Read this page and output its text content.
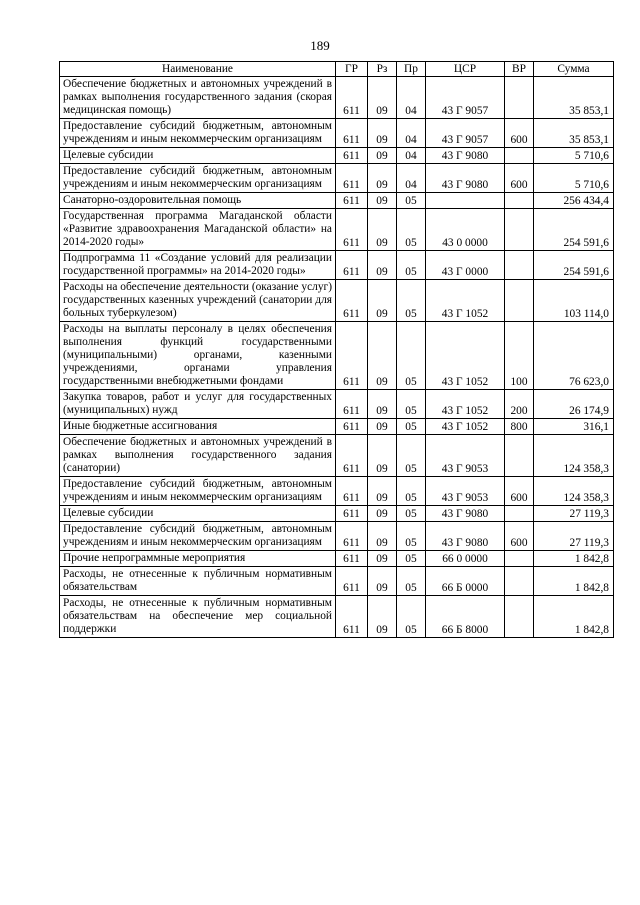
189
Наименование	ГР	Рз	Пр	ЦСР	ВР	Сумма
Обеспечение бюджетных и автономных учреждений в рамках выполнения государственного задания (скорая медицинская помощь)	611	09	04	43 Г 9057		35 853,1
Предоставление субсидий бюджетным, автономным учреждениям и иным некоммерческим организациям	611	09	04	43 Г 9057	600	35 853,1
Целевые субсидии	611	09	04	43 Г 9080		5 710,6
Предоставление субсидий бюджетным, автономным учреждениям и иным некоммерческим организациям	611	09	04	43 Г 9080	600	5 710,6
Санаторно-оздоровительная помощь	611	09	05			256 434,4
Государственная программа Магаданской области «Развитие здравоохранения Магаданской области» на 2014-2020 годы»	611	09	05	43 0 0000		254 591,6
Подпрограмма 11 «Создание условий для реализации государственной программы» на 2014-2020 годы»	611	09	05	43 Г 0000		254 591,6
Расходы на обеспечение деятельности (оказание услуг) государственных казенных учреждений (санатории для больных туберкулезом)	611	09	05	43 Г 1052		103 114,0
Расходы на выплаты персоналу в целях обеспечения выполнения функций государственными (муниципальными) органами, казенными учреждениями, органами управления государственными внебюджетными фондами	611	09	05	43 Г 1052	100	76 623,0
Закупка товаров, работ и услуг для государственных (муниципальных) нужд	611	09	05	43 Г 1052	200	26 174,9
Иные бюджетные ассигнования	611	09	05	43 Г 1052	800	316,1
Обеспечение бюджетных и автономных учреждений в рамках выполнения государственного задания (санатории)	611	09	05	43 Г 9053		124 358,3
Предоставление субсидий бюджетным, автономным учреждениям и иным некоммерческим организациям	611	09	05	43 Г 9053	600	124 358,3
Целевые субсидии	611	09	05	43 Г 9080		27 119,3
Предоставление субсидий бюджетным, автономным учреждениям и иным некоммерческим организациям	611	09	05	43 Г 9080	600	27 119,3
Прочие непрограммные мероприятия	611	09	05	66 0 0000		1 842,8
Расходы, не отнесенные к публичным нормативным обязательствам	611	09	05	66 Б 0000		1 842,8
Расходы, не отнесенные к публичным нормативным обязательствам на обеспечение мер социальной поддержки	611	09	05	66 Б 8000		1 842,8
